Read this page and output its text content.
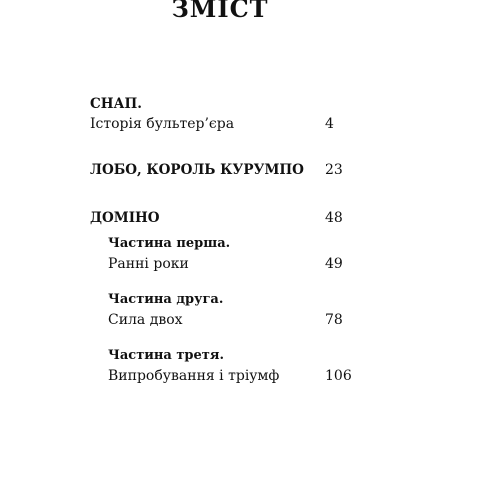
ЗМІСТ
СНАП.
Історія бультер’єра	4
ЛОБО, КОРОЛЬ КУРУМПО	23
ДОМІНО	48
Частина перша.
Ранні роки	49
Частина друга.
Сила двох	78
Частина третя.
Випробування і тріумф	106
